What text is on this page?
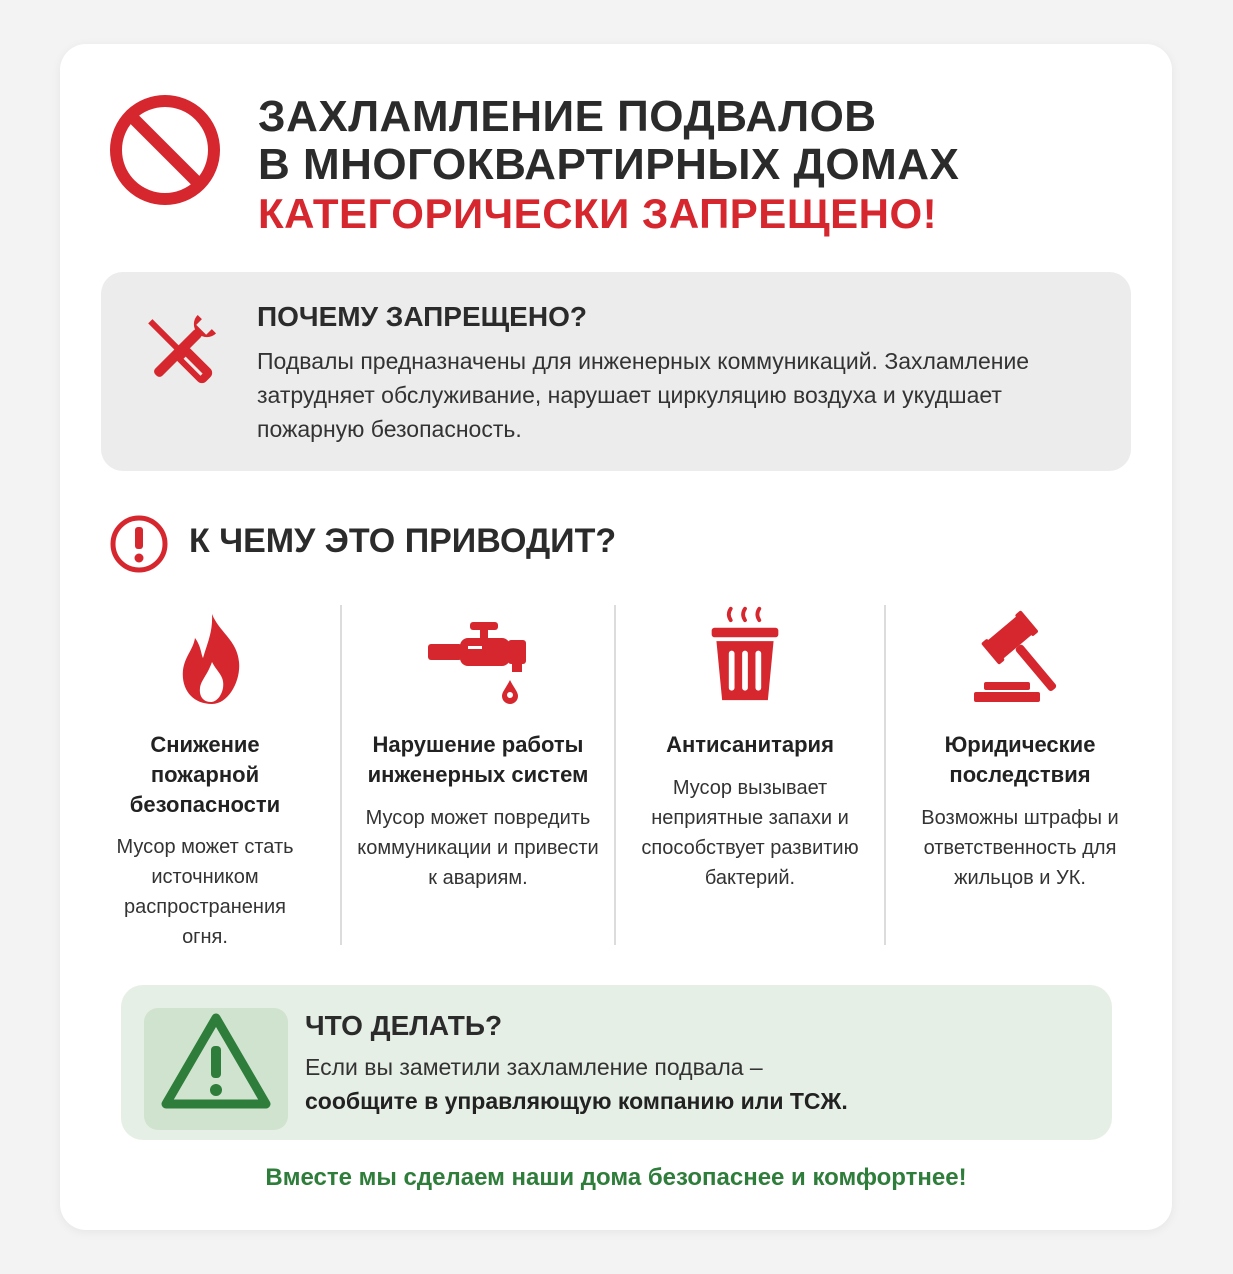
ЗАХЛАМЛЕНИЕ ПОДВАЛОВ
В МНОГОКВАРТИРНЫХ ДОМАХ
КАТЕГОРИЧЕСКИ ЗАПРЕЩЕНО!
ПОЧЕМУ ЗАПРЕЩЕНО?
Подвалы предназначены для инженерных коммуникаций. Захламление затрудняет обслуживание, нарушает циркуляцию воздуха и укудшает пожарную безопасность.
К ЧЕМУ ЭТО ПРИВОДИТ?
Снижение пожарной безопасности
Мусор может стать источником распространения огня.
Нарушение работы инженерных систем
Мусор может повредить коммуникации и привести к авариям.
Антисанитария
Мусор вызывает неприятные запахи и способствует развитию бактерий.
Юридические последствия
Возможны штрафы и ответственность для жильцов и УК.
ЧТО ДЕЛАТЬ?
Если вы заметили захламление подвала –
сообщите в управляющую компанию или ТСЖ.
Вместе мы сделаем наши дома безопаснее и комфортнее!
